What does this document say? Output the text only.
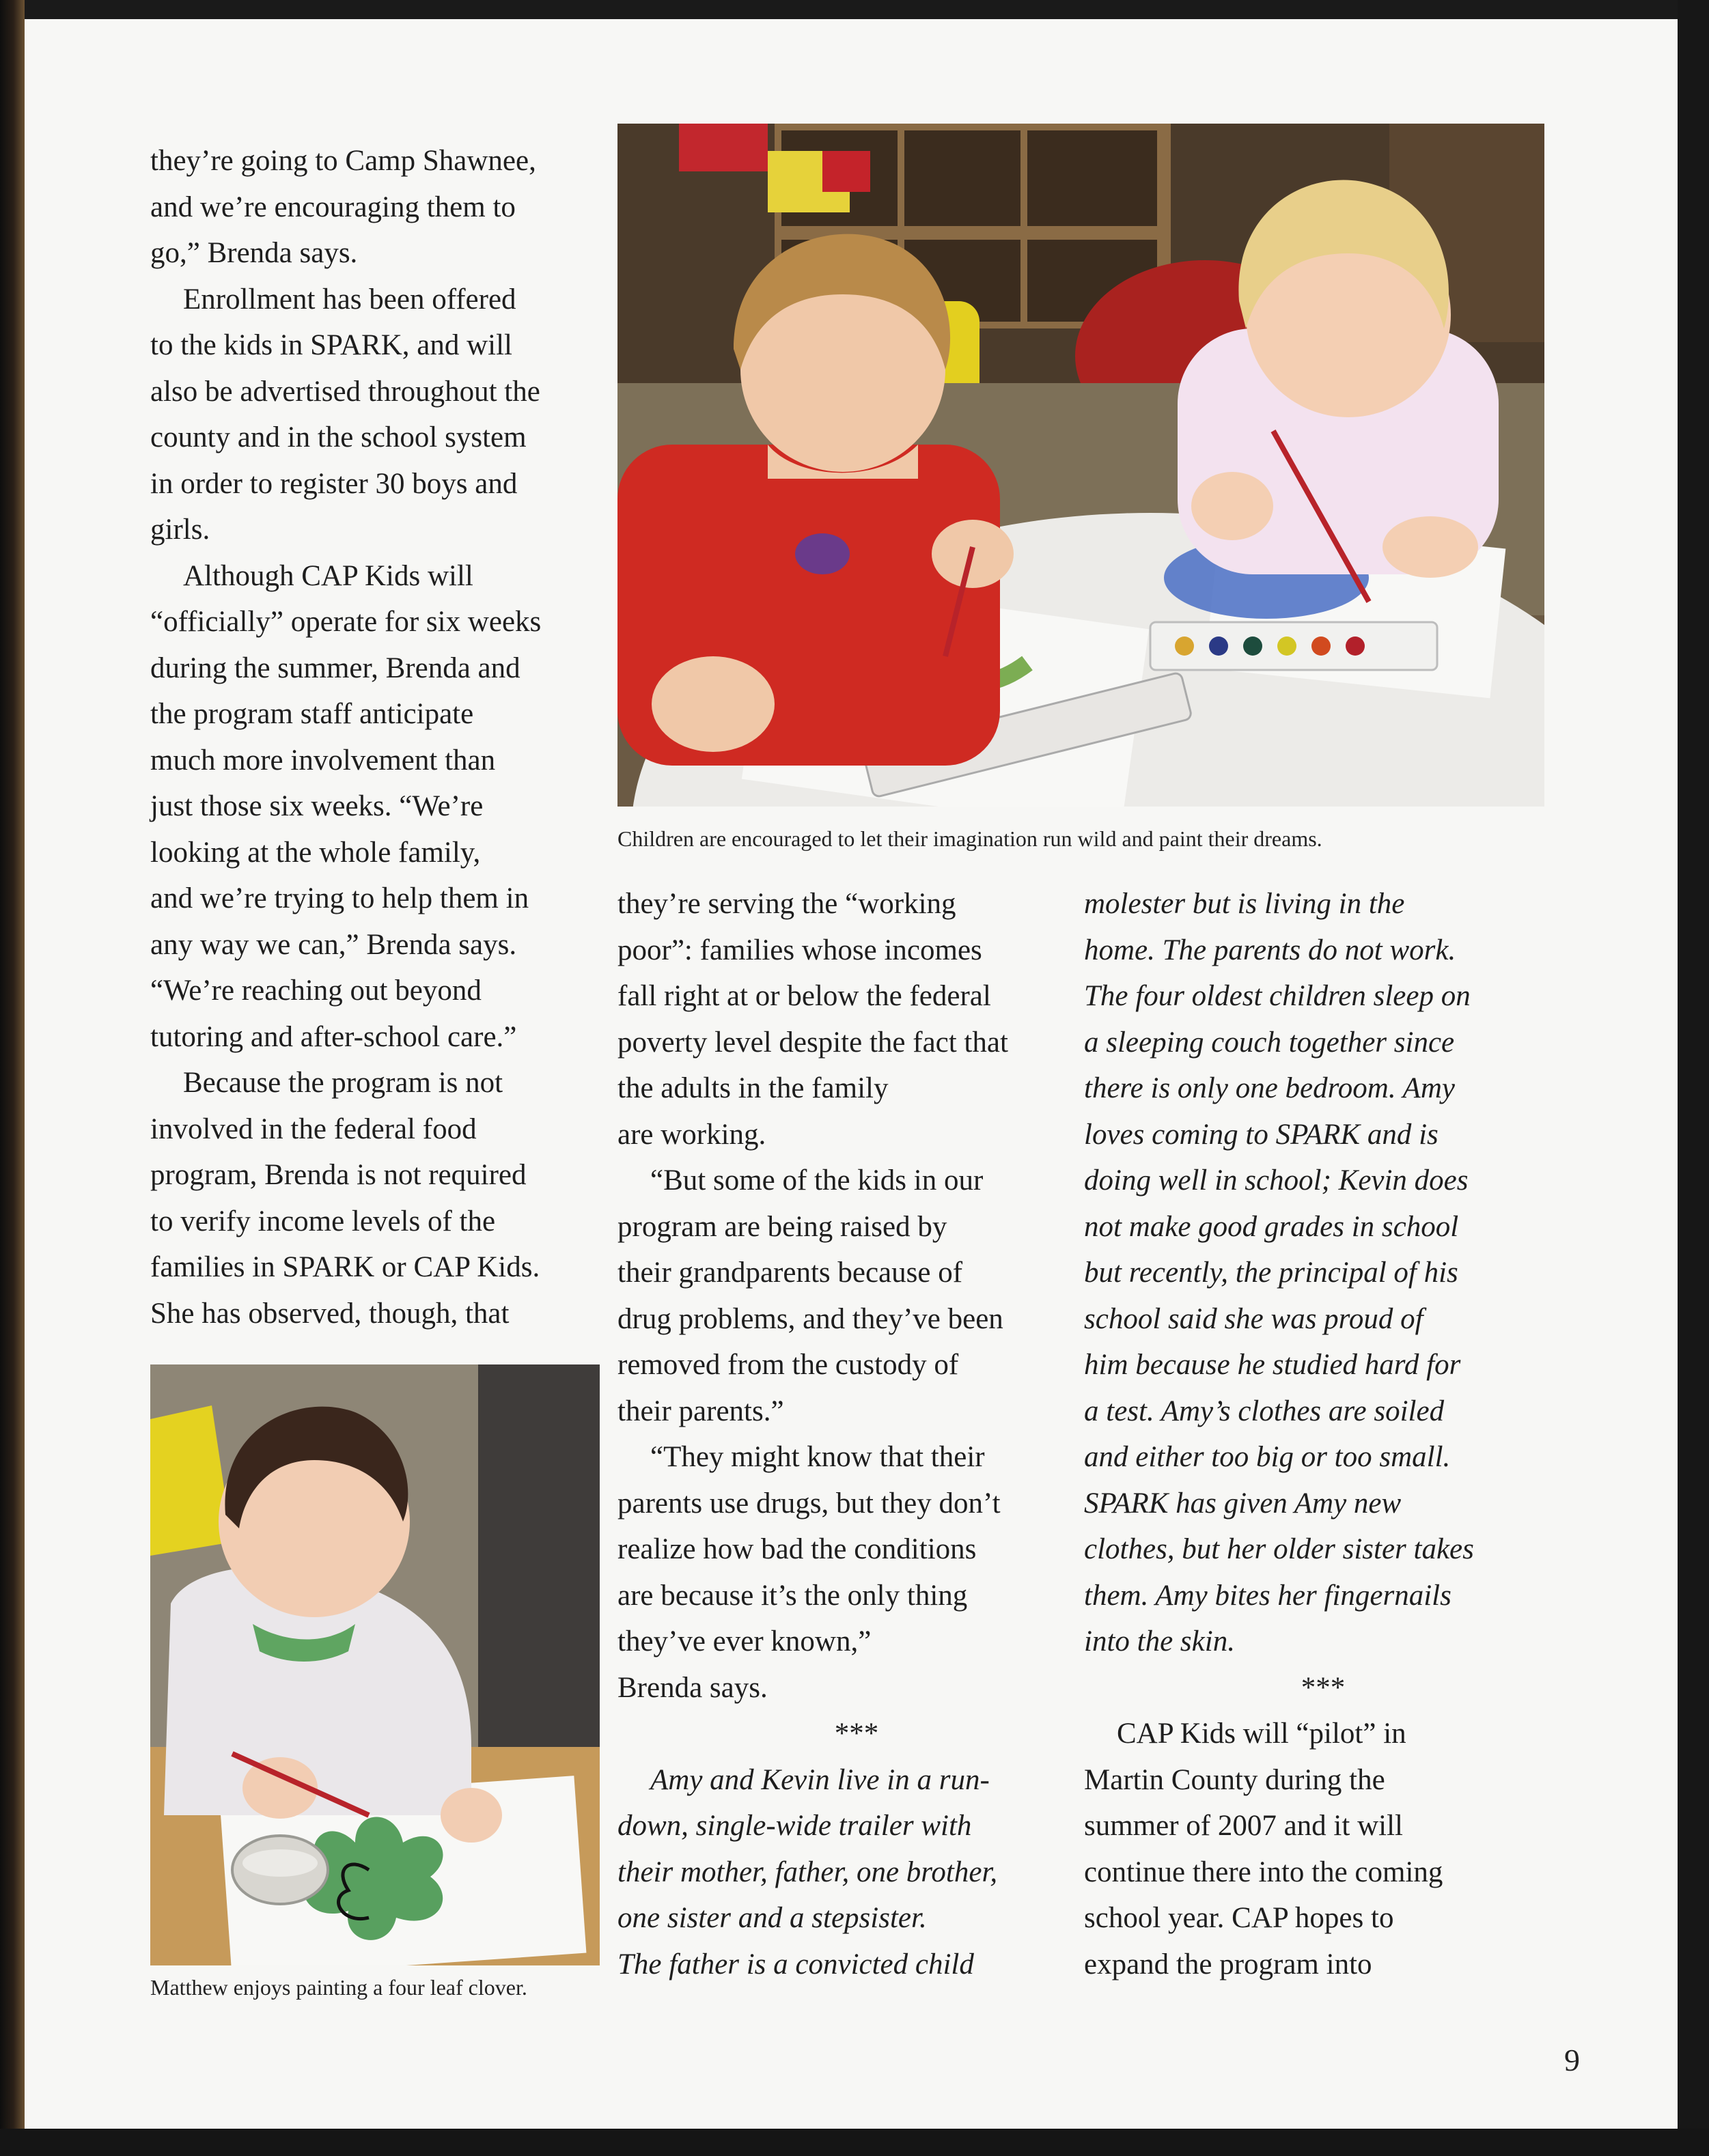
they’re going to Camp Shawnee,
and we’re encouraging them to
go,” Brenda says.

Enrollment has been offered
to the kids in SPARK, and will
also be advertised throughout the
county and in the school system
in order to register 30 boys and
girls.

Although CAP Kids will
“officially” operate for six weeks
during the summer, Brenda and
the program staff anticipate
much more involvement than
just those six weeks. “We’re
looking at the whole family,
and we’re trying to help them in
any way we can,” Brenda says.
“We’re reaching out beyond
tutoring and after-school care.”

Because the program is not
involved in the federal food
program, Brenda is not required
to verify income levels of the
families in SPARK or CAP Kids.
She has observed, though, that

Children are encouraged to let their imagination run wild and paint their dreams.

they’re serving the “working
poor”: families whose incomes
fall right at or below the federal
poverty level despite the fact that
the adults in the family
are working.

“But some of the kids in our
program are being raised by
their grandparents because of
drug problems, and they’ve been
removed from the custody of
their parents.”

“They might know that their
parents use drugs, but they don’t
realize how bad the conditions
are because it’s the only thing
they’ve ever known,”
Brenda says.

***

Amy and Kevin live in a run-
down, single-wide trailer with
their mother, father, one brother,
one sister and a stepsister.
The father is a convicted child

molester but is living in the
home. The parents do not work.
The four oldest children sleep on
a sleeping couch together since
there is only one bedroom. Amy
loves coming to SPARK and is
doing well in school; Kevin does
not make good grades in school
but recently, the principal of his
school said she was proud of
him because he studied hard for
a test. Amy’s clothes are soiled
and either too big or too small.
SPARK has given Amy new
clothes, but her older sister takes
them. Amy bites her fingernails
into the skin.

***

CAP Kids will “pilot” in
Martin County during the
summer of 2007 and it will
continue there into the coming
school year. CAP hopes to
expand the program into

Matthew enjoys painting a four leaf clover.
9
